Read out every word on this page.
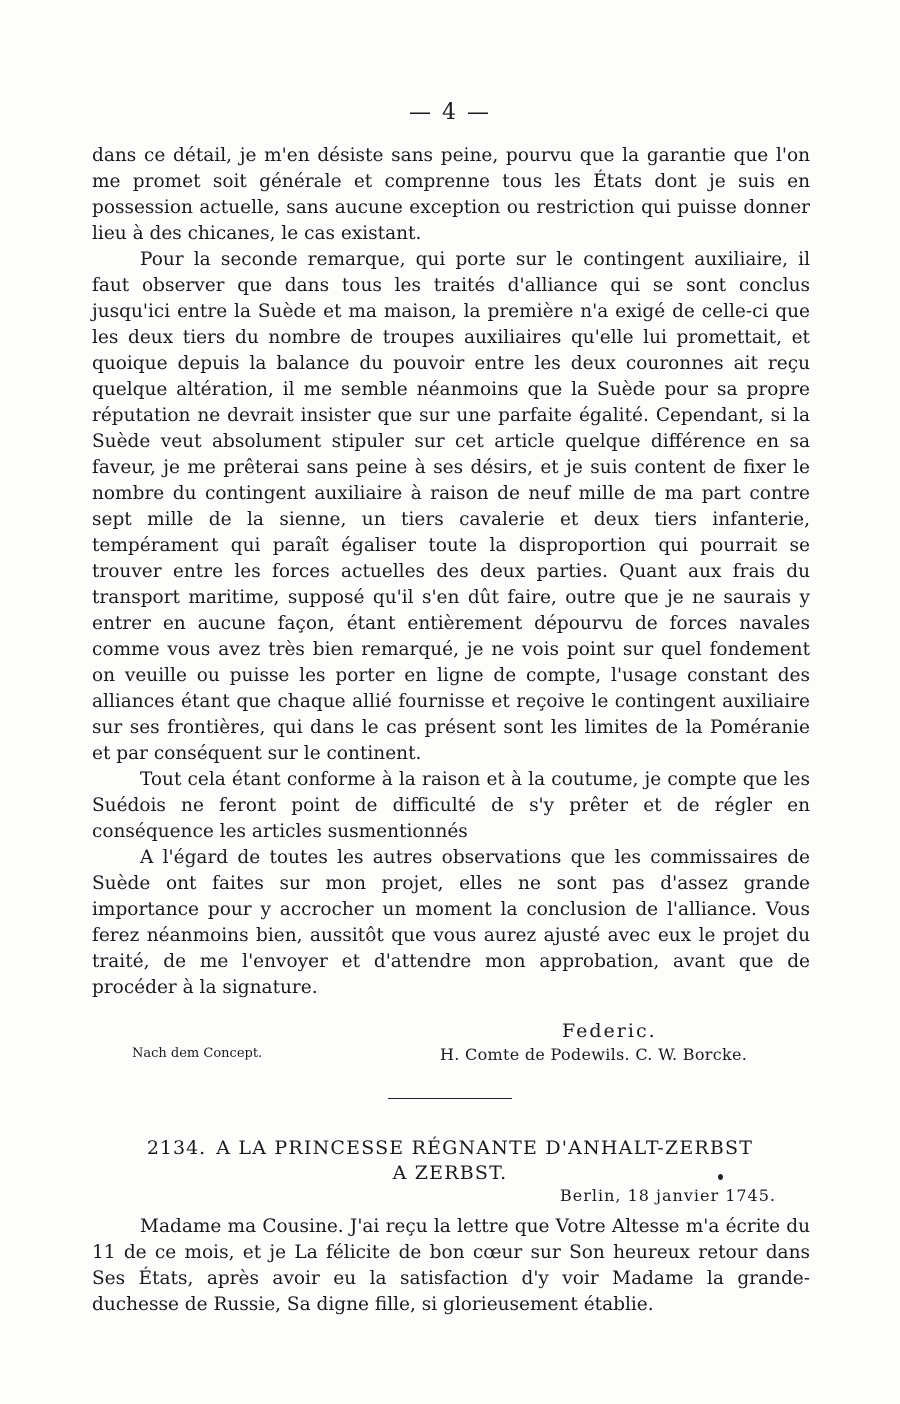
— 4 —

dans ce détail, je m'en désiste sans peine, pourvu que la garantie que l'on me promet soit générale et comprenne tous les États dont je suis en possession actuelle, sans aucune exception ou restriction qui puisse donner lieu à des chicanes, le cas existant.

Pour la seconde remarque, qui porte sur le contingent auxiliaire, il faut observer que dans tous les traités d'alliance qui se sont conclus jusqu'ici entre la Suède et ma maison, la première n'a exigé de celle-ci que les deux tiers du nombre de troupes auxiliaires qu'elle lui promettait, et quoique depuis la balance du pouvoir entre les deux couronnes ait reçu quelque altération, il me semble néanmoins que la Suède pour sa propre réputation ne devrait insister que sur une parfaite égalité. Cependant, si la Suède veut absolument stipuler sur cet article quelque différence en sa faveur, je me prêterai sans peine à ses désirs, et je suis content de fixer le nombre du contingent auxiliaire à raison de neuf mille de ma part contre sept mille de la sienne, un tiers cavalerie et deux tiers infanterie, tempérament qui paraît égaliser toute la disproportion qui pourrait se trouver entre les forces actuelles des deux parties. Quant aux frais du transport maritime, supposé qu'il s'en dût faire, outre que je ne saurais y entrer en aucune façon, étant entièrement dépourvu de forces navales comme vous avez très bien remarqué, je ne vois point sur quel fondement on veuille ou puisse les porter en ligne de compte, l'usage constant des alliances étant que chaque allié fournisse et reçoive le contingent auxiliaire sur ses frontières, qui dans le cas présent sont les limites de la Poméranie et par conséquent sur le continent.

Tout cela étant conforme à la raison et à la coutume, je compte que les Suédois ne feront point de difficulté de s'y prêter et de régler en conséquence les articles susmentionnés

A l'égard de toutes les autres observations que les commissaires de Suède ont faites sur mon projet, elles ne sont pas d'assez grande importance pour y accrocher un moment la conclusion de l'alliance. Vous ferez néanmoins bien, aussitôt que vous aurez ajusté avec eux le projet du traité, de me l'envoyer et d'attendre mon approbation, avant que de procéder à la signature.

Federic.
Nach dem Concept.	H. Comte de Podewils. C. W. Borcke.
2134. A LA PRINCESSE RÉGNANTE D'ANHALT-ZERBST
A ZERBST.
Berlin, 18 janvier 1745.

Madame ma Cousine. J'ai reçu la lettre que Votre Altesse m'a écrite du 11 de ce mois, et je La félicite de bon cœur sur Son heureux retour dans Ses États, après avoir eu la satisfaction d'y voir Madame la grande-duchesse de Russie, Sa digne fille, si glorieusement établie.
